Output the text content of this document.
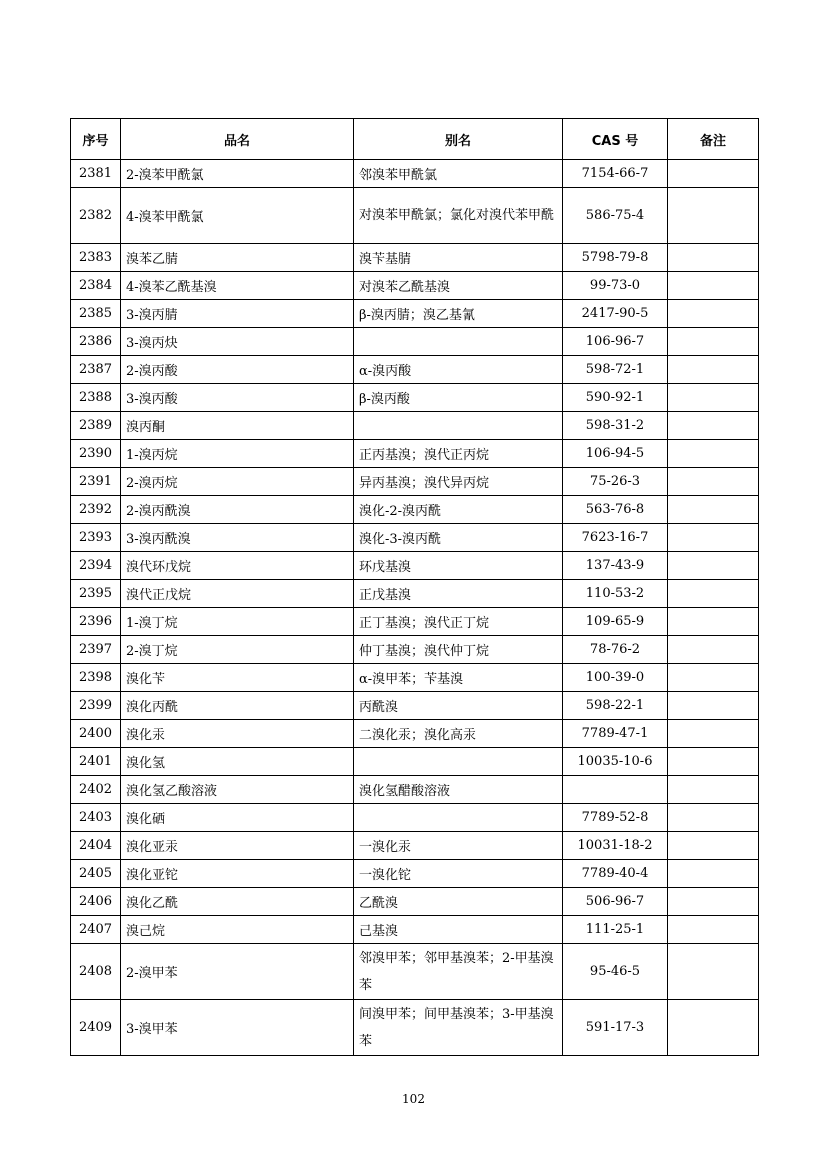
序号	品名	别名	CAS 号	备注
2381	2-溴苯甲酰氯	邻溴苯甲酰氯	7154-66-7	
2382	4-溴苯甲酰氯	对溴苯甲酰氯；氯化对溴代苯甲酰	586-75-4	
2383	溴苯乙腈	溴苄基腈	5798-79-8	
2384	4-溴苯乙酰基溴	对溴苯乙酰基溴	99-73-0	
2385	3-溴丙腈	β-溴丙腈；溴乙基氰	2417-90-5	
2386	3-溴丙炔		106-96-7	
2387	2-溴丙酸	α-溴丙酸	598-72-1	
2388	3-溴丙酸	β-溴丙酸	590-92-1	
2389	溴丙酮		598-31-2	
2390	1-溴丙烷	正丙基溴；溴代正丙烷	106-94-5	
2391	2-溴丙烷	异丙基溴；溴代异丙烷	75-26-3	
2392	2-溴丙酰溴	溴化-2-溴丙酰	563-76-8	
2393	3-溴丙酰溴	溴化-3-溴丙酰	7623-16-7	
2394	溴代环戊烷	环戊基溴	137-43-9	
2395	溴代正戊烷	正戊基溴	110-53-2	
2396	1-溴丁烷	正丁基溴；溴代正丁烷	109-65-9	
2397	2-溴丁烷	仲丁基溴；溴代仲丁烷	78-76-2	
2398	溴化苄	α-溴甲苯；苄基溴	100-39-0	
2399	溴化丙酰	丙酰溴	598-22-1	
2400	溴化汞	二溴化汞；溴化高汞	7789-47-1	
2401	溴化氢		10035-10-6	
2402	溴化氢乙酸溶液	溴化氢醋酸溶液		
2403	溴化硒		7789-52-8	
2404	溴化亚汞	一溴化汞	10031-18-2	
2405	溴化亚铊	一溴化铊	7789-40-4	
2406	溴化乙酰	乙酰溴	506-96-7	
2407	溴己烷	己基溴	111-25-1	
2408	2-溴甲苯	邻溴甲苯；邻甲基溴苯；2-甲基溴苯	95-46-5	
2409	3-溴甲苯	间溴甲苯；间甲基溴苯；3-甲基溴苯	591-17-3	
102
